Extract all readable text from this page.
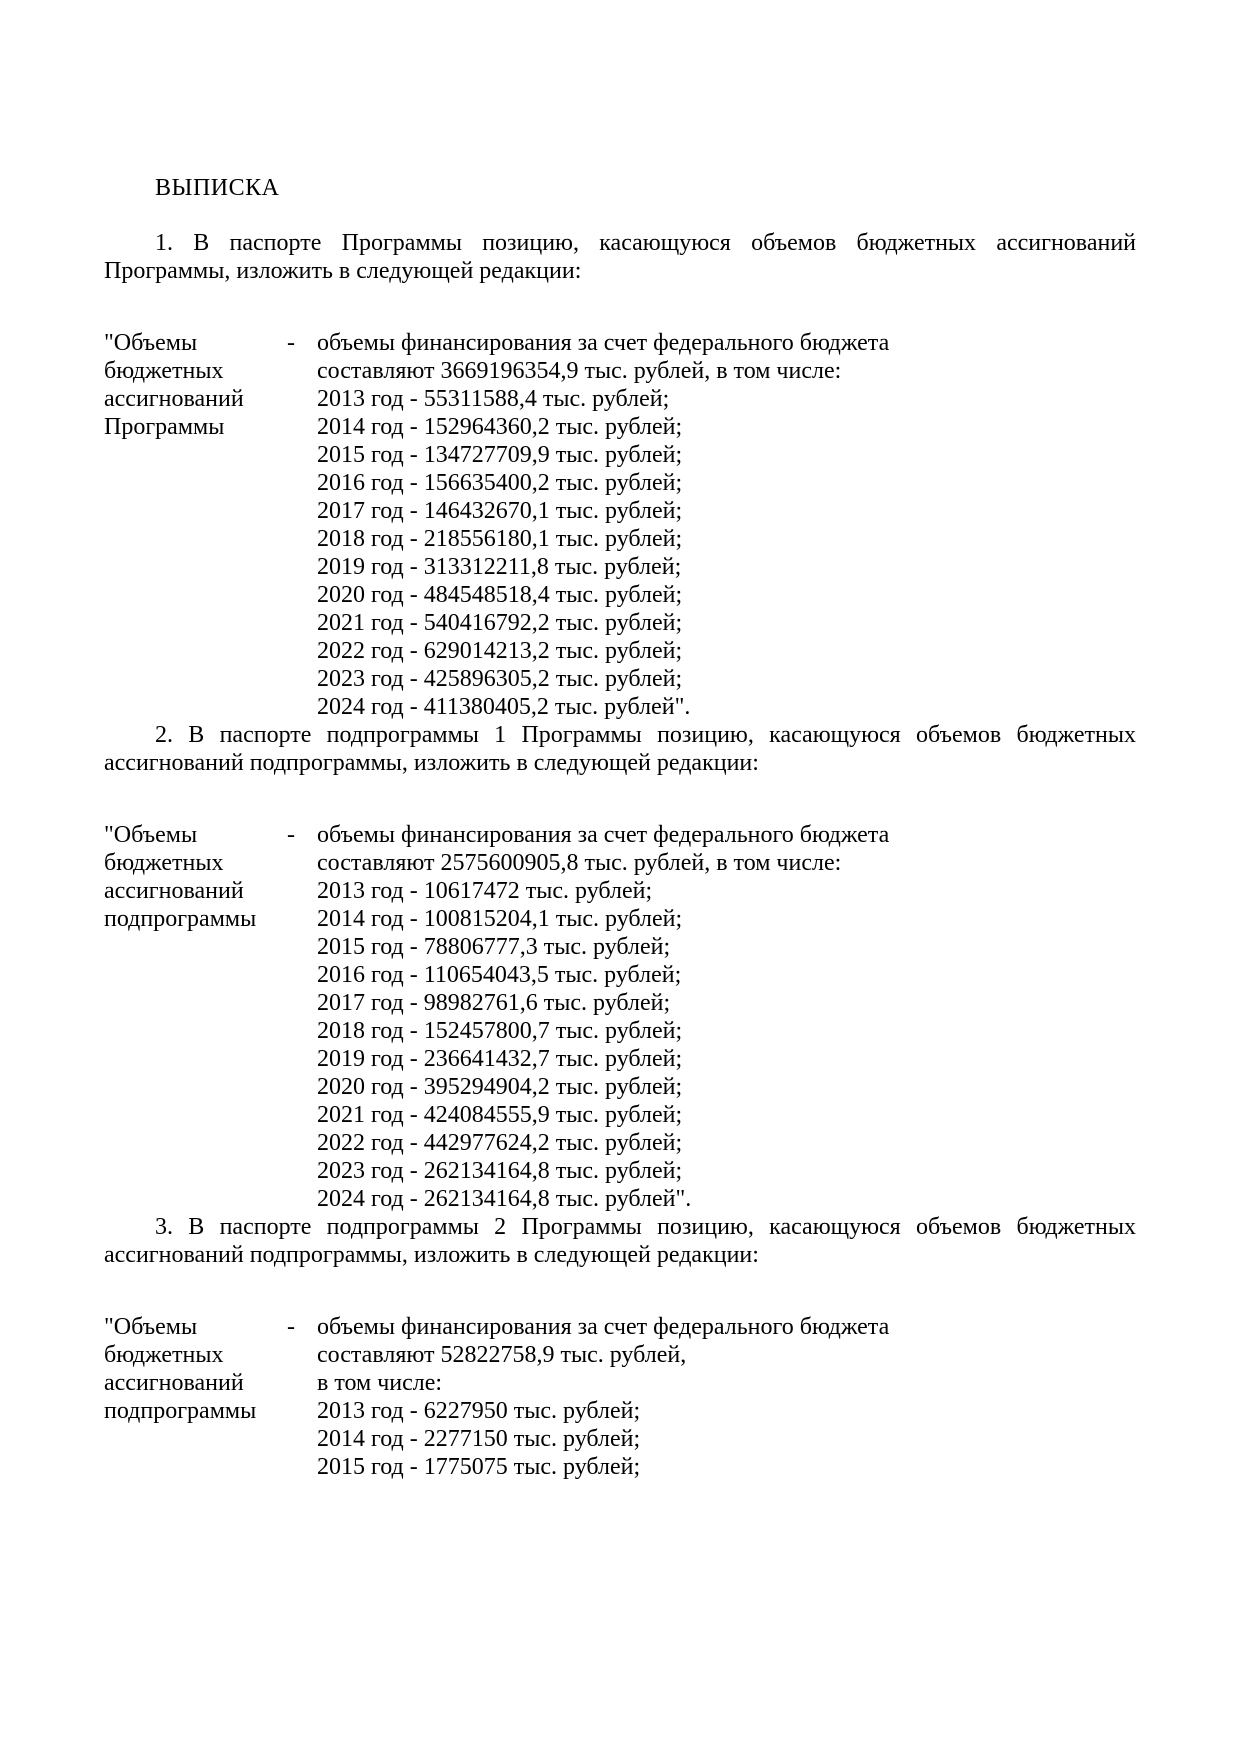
ВЫПИСКА

1. В паспорте Программы позицию, касающуюся объемов бюджетных ассигнований Программы, изложить в следующей редакции:

"Объемы бюджетных ассигнований Программы
- объемы финансирования за счет федерального бюджета
составляют 3669196354,9 тыс. рублей, в том числе:
2013 год - 55311588,4 тыс. рублей;
2014 год - 152964360,2 тыс. рублей;
2015 год - 134727709,9 тыс. рублей;
2016 год - 156635400,2 тыс. рублей;
2017 год - 146432670,1 тыс. рублей;
2018 год - 218556180,1 тыс. рублей;
2019 год - 313312211,8 тыс. рублей;
2020 год - 484548518,4 тыс. рублей;
2021 год - 540416792,2 тыс. рублей;
2022 год - 629014213,2 тыс. рублей;
2023 год - 425896305,2 тыс. рублей;
2024 год - 411380405,2 тыс. рублей".

2. В паспорте подпрограммы 1 Программы позицию, касающуюся объемов бюджетных ассигнований подпрограммы, изложить в следующей редакции:

"Объемы бюджетных ассигнований подпрограммы
- объемы финансирования за счет федерального бюджета
составляют 2575600905,8 тыс. рублей, в том числе:
2013 год - 10617472 тыс. рублей;
2014 год - 100815204,1 тыс. рублей;
2015 год - 78806777,3 тыс. рублей;
2016 год - 110654043,5 тыс. рублей;
2017 год - 98982761,6 тыс. рублей;
2018 год - 152457800,7 тыс. рублей;
2019 год - 236641432,7 тыс. рублей;
2020 год - 395294904,2 тыс. рублей;
2021 год - 424084555,9 тыс. рублей;
2022 год - 442977624,2 тыс. рублей;
2023 год - 262134164,8 тыс. рублей;
2024 год - 262134164,8 тыс. рублей".

3. В паспорте подпрограммы 2 Программы позицию, касающуюся объемов бюджетных ассигнований подпрограммы, изложить в следующей редакции:

"Объемы бюджетных ассигнований подпрограммы
- объемы финансирования за счет федерального бюджета
составляют 52822758,9 тыс. рублей,
в том числе:
2013 год - 6227950 тыс. рублей;
2014 год - 2277150 тыс. рублей;
2015 год - 1775075 тыс. рублей;
